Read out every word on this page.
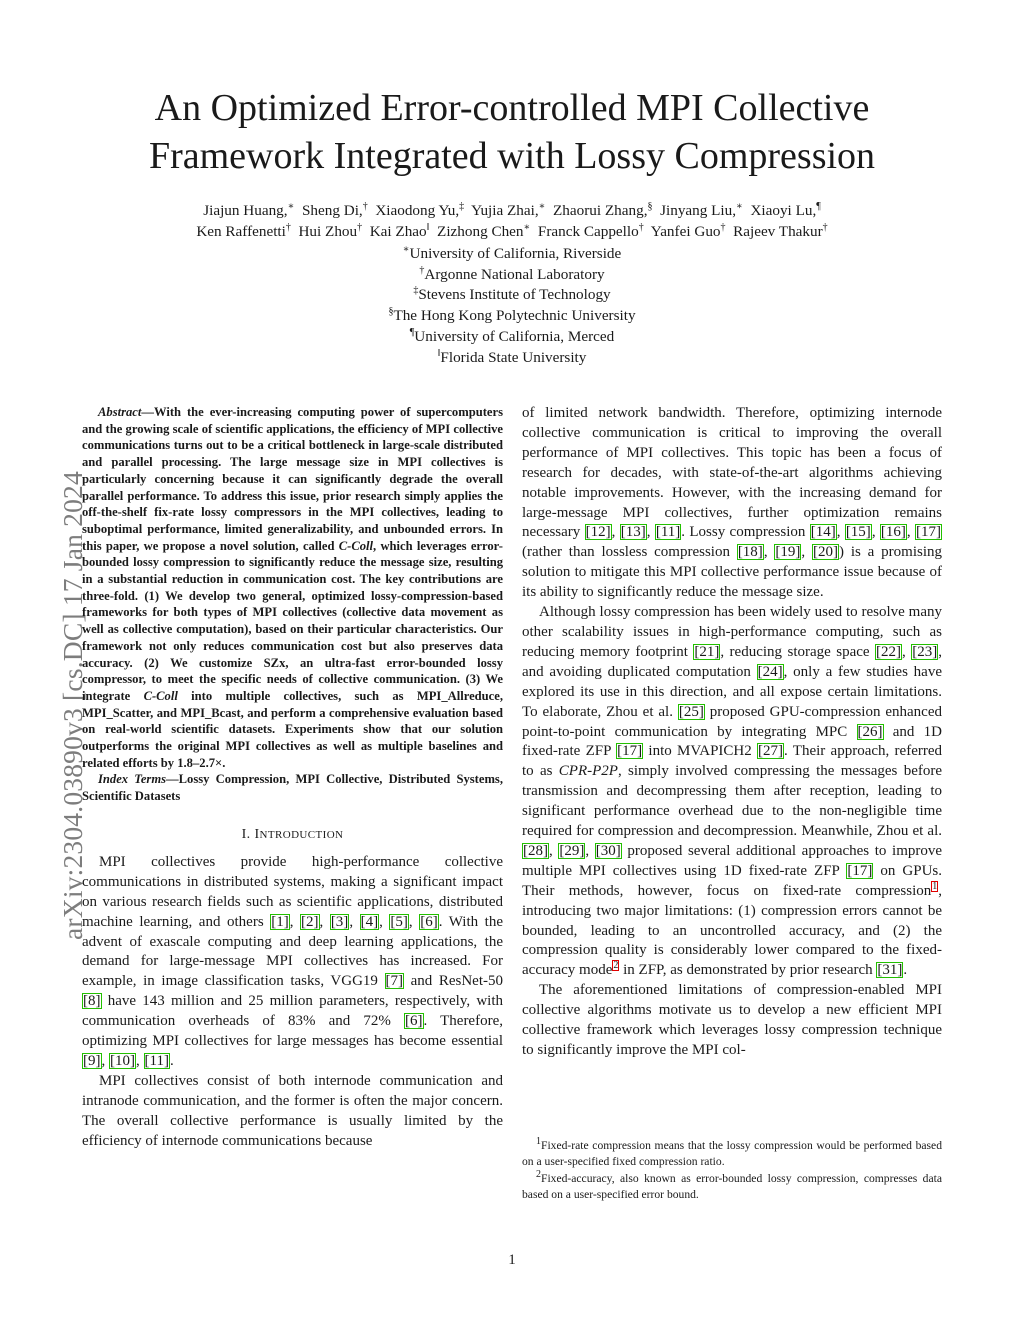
An Optimized Error-controlled MPI Collective
Framework Integrated with Lossy Compression
Jiajun Huang,∗ Sheng Di,† Xiaodong Yu,‡ Yujia Zhai,∗ Zhaorui Zhang,§ Jinyang Liu,∗ Xiaoyi Lu,¶
Ken Raffenetti† Hui Zhou† Kai Zhao‖ Zizhong Chen∗ Franck Cappello† Yanfei Guo† Rajeev Thakur†
∗University of California, Riverside
†Argonne National Laboratory
‡Stevens Institute of Technology
§The Hong Kong Polytechnic University
¶University of California, Merced
‖Florida State University
arXiv:2304.03890v3 [cs.DC] 17 Jan 2024

Abstract—With the ever-increasing computing power of supercomputers and the growing scale of scientific applications, the efficiency of MPI collective communications turns out to be a critical bottleneck in large-scale distributed and parallel processing. The large message size in MPI collectives is particularly concerning because it can significantly degrade the overall parallel performance. To address this issue, prior research simply applies the off-the-shelf fix-rate lossy compressors in the MPI collectives, leading to suboptimal performance, limited generalizability, and unbounded errors. In this paper, we propose a novel solution, called C-Coll, which leverages error-bounded lossy compression to significantly reduce the message size, resulting in a substantial reduction in communication cost. The key contributions are three-fold. (1) We develop two general, optimized lossy-compression-based frameworks for both types of MPI collectives (collective data movement as well as collective computation), based on their particular characteristics. Our framework not only reduces communication cost but also preserves data accuracy. (2) We customize SZx, an ultra-fast error-bounded lossy compressor, to meet the specific needs of collective communication. (3) We integrate C-Coll into multiple collectives, such as MPI_Allreduce, MPI_Scatter, and MPI_Bcast, and perform a comprehensive evaluation based on real-world scientific datasets. Experiments show that our solution outperforms the original MPI collectives as well as multiple baselines and related efforts by 1.8–2.7×.

Index Terms—Lossy Compression, MPI Collective, Distributed Systems, Scientific Datasets

I. INTRODUCTION

MPI collectives provide high-performance collective communications in distributed systems, making a significant impact on various research fields such as scientific applications, distributed machine learning, and others [1], [2], [3], [4], [5], [6]. With the advent of exascale computing and deep learning applications, the demand for large-message MPI collectives has increased. For example, in image classification tasks, VGG19 [7] and ResNet-50 [8] have 143 million and 25 million parameters, respectively, with communication overheads of 83% and 72% [6]. Therefore, optimizing MPI collectives for large messages has become essential [9], [10], [11].

MPI collectives consist of both internode communication and intranode communication, and the former is often the major concern. The overall collective performance is usually limited by the efficiency of internode communications because

of limited network bandwidth. Therefore, optimizing internode collective communication is critical to improving the overall performance of MPI collectives. This topic has been a focus of research for decades, with state-of-the-art algorithms achieving notable improvements. However, with the increasing demand for large-message MPI collectives, further optimization remains necessary [12], [13], [11]. Lossy compression [14], [15], [16], [17] (rather than lossless compression [18], [19], [20]) is a promising solution to mitigate this MPI collective performance issue because of its ability to significantly reduce the message size.

Although lossy compression has been widely used to resolve many other scalability issues in high-performance computing, such as reducing memory footprint [21], reducing storage space [22], [23], and avoiding duplicated computation [24], only a few studies have explored its use in this direction, and all expose certain limitations. To elaborate, Zhou et al. [25] proposed GPU-compression enhanced point-to-point communication by integrating MPC [26] and 1D fixed-rate ZFP [17] into MVAPICH2 [27]. Their approach, referred to as CPR-P2P, simply involved compressing the messages before transmission and decompressing them after reception, leading to significant performance overhead due to the non-negligible time required for compression and decompression. Meanwhile, Zhou et al. [28], [29], [30] proposed several additional approaches to improve multiple MPI collectives using 1D fixed-rate ZFP [17] on GPUs. Their methods, however, focus on fixed-rate compression$^1$, introducing two major limitations: (1) compression errors cannot be bounded, leading to an uncontrolled accuracy, and (2) the compression quality is considerably lower compared to the fixed-accuracy mode$^2$ in ZFP, as demonstrated by prior research [31].

The aforementioned limitations of compression-enabled MPI collective algorithms motivate us to develop a new efficient MPI collective framework which leverages lossy compression technique to significantly improve the MPI col-

$^1$Fixed-rate compression means that the lossy compression would be performed based on a user-specified fixed compression ratio.

$^2$Fixed-accuracy, also known as error-bounded lossy compression, compresses data based on a user-specified error bound.

1
